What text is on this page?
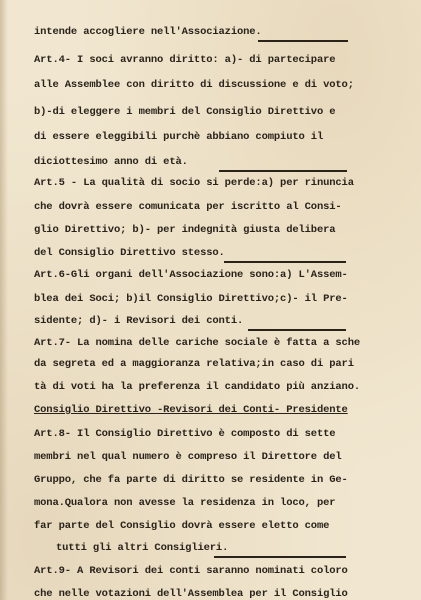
intende accogliere nell'Associazione.
Art.4- I soci avranno diritto: a)- di partecipare
alle Assemblee con diritto di discussione e di voto;
b)-di eleggere i membri del Consiglio Direttivo e
di essere eleggibili purchè abbiano compiuto il
diciottesimo anno di età.
Art.5 - La qualità di socio si perde:a) per rinuncia
che dovrà essere comunicata per iscritto al Consi-
glio Direttivo; b)- per indegnità giusta delibera
del Consiglio Direttivo stesso.
Art.6-Gli organi dell'Associazione sono:a) L'Assem-
blea dei Soci; b)il Consiglio Direttivo;c)- il Pre-
sidente; d)- i Revisori dei conti.
Art.7- La nomina delle cariche sociale è fatta a sche
da segreta ed a maggioranza relativa;in caso di pari
tà di voti ha la preferenza il candidato più anziano.
Consiglio Direttivo -Revisori dei Conti- Presidente
Art.8- Il Consiglio Direttivo è composto di sette
membri nel qual numero è compreso il Direttore del
Gruppo, che fa parte di diritto se residente in Ge-
mona.Qualora non avesse la residenza in loco, per
far parte del Consiglio dovrà essere eletto come
tutti gli altri Consiglieri.
Art.9- A Revisori dei conti saranno nominati coloro
che nelle votazioni dell'Assemblea per il Consiglio
